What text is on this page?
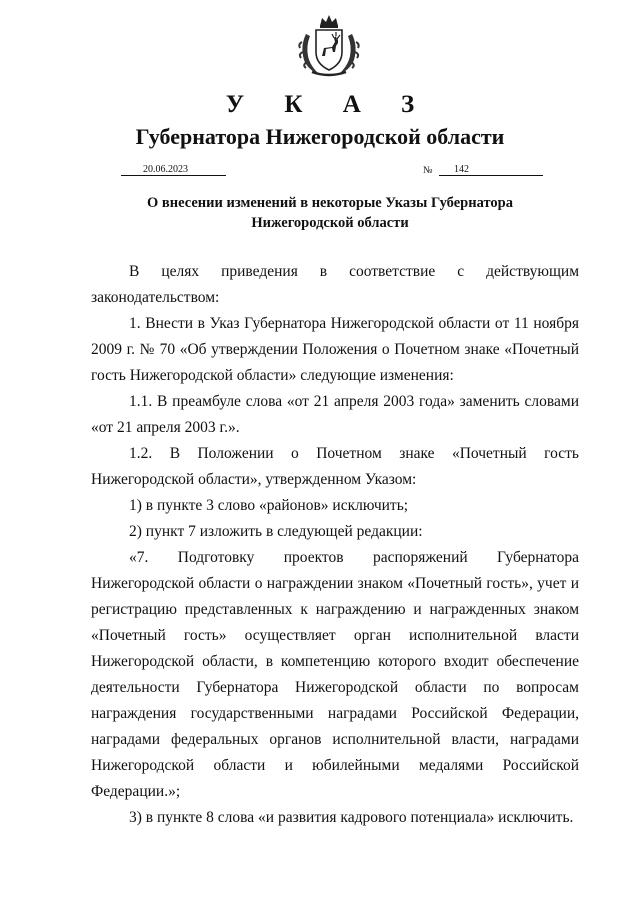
У К А З
Губернатора Нижегородской области
20.06.2023	№	142
О внесении изменений в некоторые Указы Губернатора
Нижегородской области

В целях приведения в соответствие с действующим законодательством:

1. Внести в Указ Губернатора Нижегородской области от 11 ноября 2009 г. № 70 «Об утверждении Положения о Почетном знаке «Почетный гость Нижегородской области» следующие изменения:

1.1. В преамбуле слова «от 21 апреля 2003 года» заменить словами «от 21 апреля 2003 г.».

1.2. В Положении о Почетном знаке «Почетный гость Нижегородской области», утвержденном Указом:

1) в пункте 3 слово «районов» исключить;

2) пункт 7 изложить в следующей редакции:

«7. Подготовку проектов распоряжений Губернатора Нижегородской области о награждении знаком «Почетный гость», учет и регистрацию представленных к награждению и награжденных знаком «Почетный гость» осуществляет орган исполнительной власти Нижегородской области, в компетенцию которого входит обеспечение деятельности Губернатора Нижегородской области по вопросам награждения государственными наградами Российской Федерации, наградами федеральных органов исполнительной власти, наградами Нижегородской области и юбилейными медалями Российской Федерации.»;

3) в пункте 8 слова «и развития кадрового потенциала» исключить.
